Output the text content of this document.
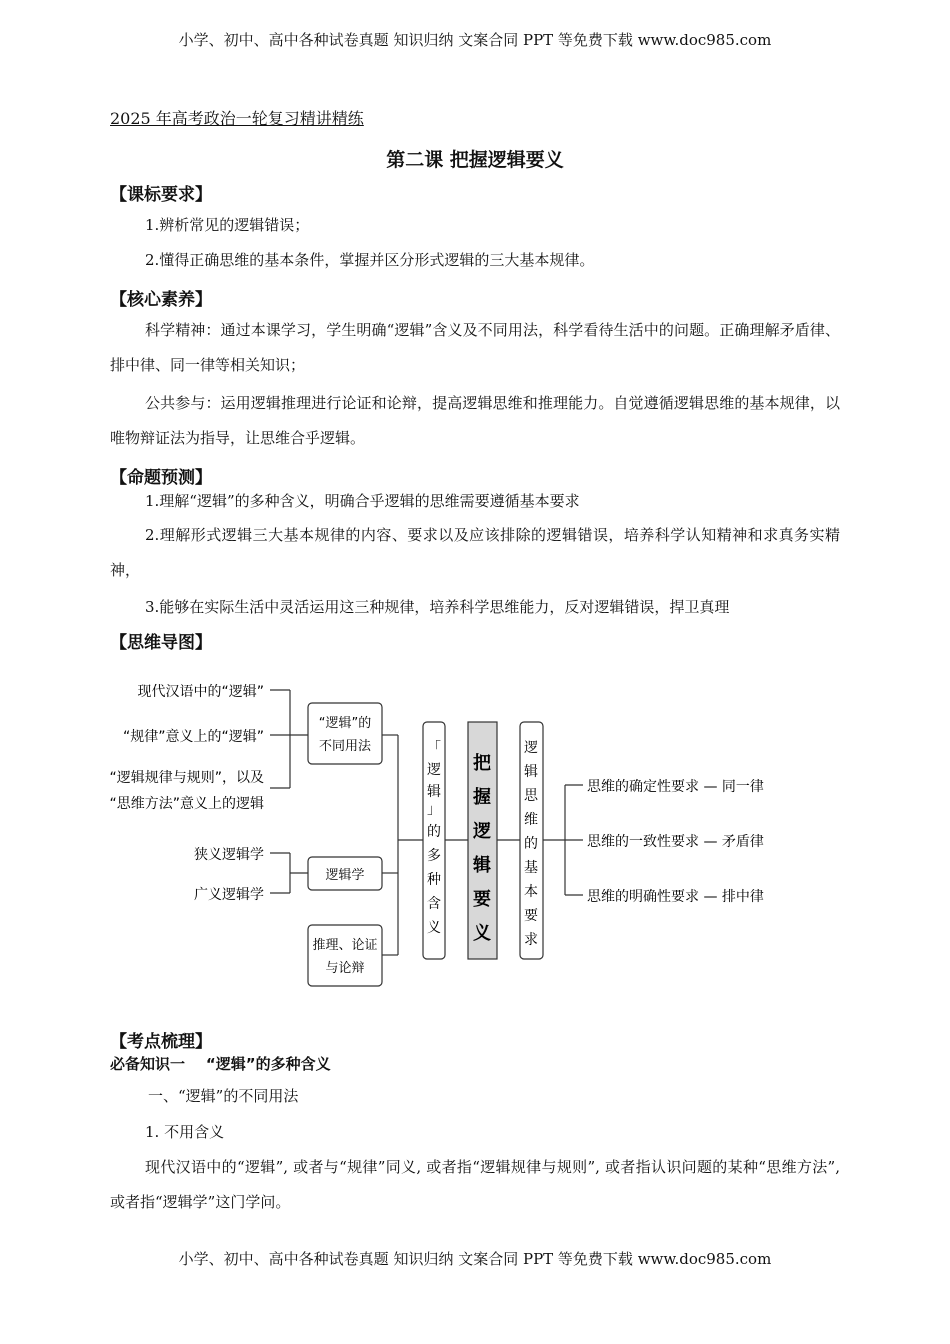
小学、初中、高中各种试卷真题 知识归纳 文案合同 PPT 等免费下载 www.doc985.com
2025 年高考政治一轮复习精讲精练
第二课 把握逻辑要义
【课标要求】
1.辨析常见的逻辑错误；
2.懂得正确思维的基本条件，掌握并区分形式逻辑的三大基本规律。
【核心素养】
科学精神：通过本课学习，学生明确“逻辑”含义及不同用法，科学看待生活中的问题。正确理解矛盾律、排中律、同一律等相关知识；
公共参与：运用逻辑推理进行论证和论辩，提高逻辑思维和推理能力。自觉遵循逻辑思维的基本规律，以唯物辩证法为指导，让思维合乎逻辑。
【命题预测】
1.理解“逻辑”的多种含义，明确合乎逻辑的思维需要遵循基本要求
2.理解形式逻辑三大基本规律的内容、要求以及应该排除的逻辑错误，培养科学认知精神和求真务实精神，
3.能够在实际生活中灵活运用这三种规律，培养科学思维能力，反对逻辑错误，捍卫真理
【思维导图】
现代汉语中的“逻辑”
“规律”意义上的“逻辑”
“逻辑规律与规则”，以及
“思维方法”意义上的逻辑
狭义逻辑学
广义逻辑学
“逻辑”的
不同用法
逻辑学
推理、论证
与论辩
「
逻
辑
」
的
多
种
含
义
把
握
逻
辑
要
义
逻
辑
思
维
的
基
本
要
求
思维的确定性要求 — 同一律
思维的一致性要求 — 矛盾律
思维的明确性要求 — 排中律
【考点梳理】
必备知识一    “逻辑”的多种含义
一、“逻辑”的不同用法
1. 不用含义
现代汉语中的“逻辑”, 或者与“规律”同义, 或者指“逻辑规律与规则”, 或者指认识问题的某种“思维方法”, 或者指“逻辑学”这门学问。
小学、初中、高中各种试卷真题 知识归纳 文案合同 PPT 等免费下载 www.doc985.com
